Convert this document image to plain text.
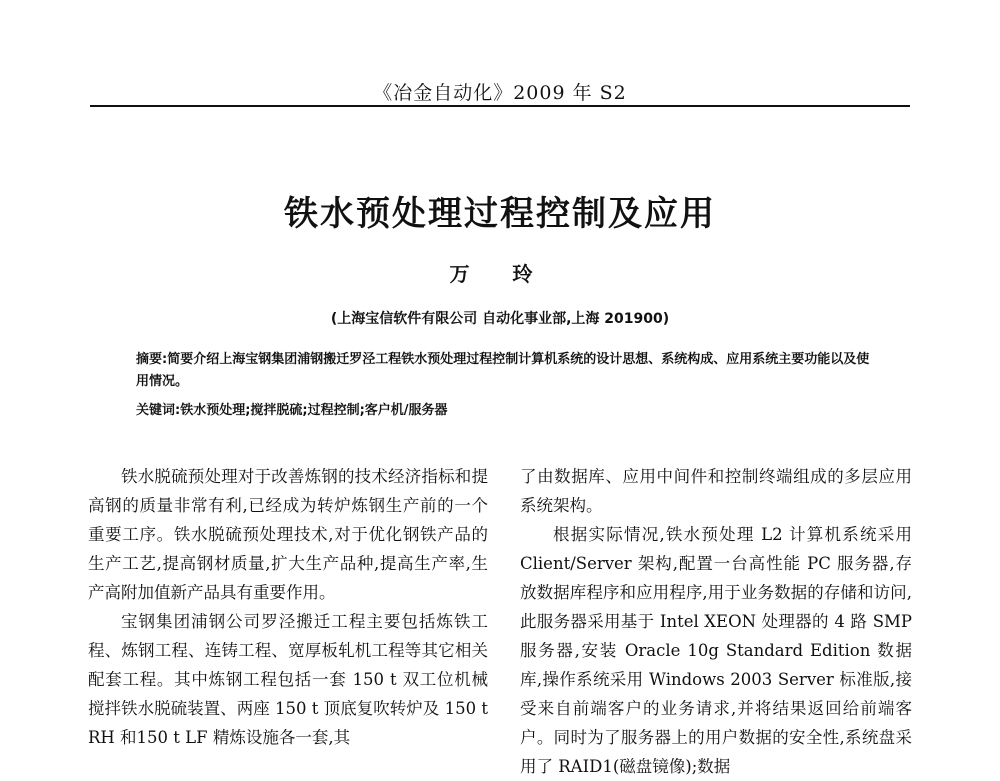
《冶金自动化》2009 年 S2
铁水预处理过程控制及应用
万 玲
(上海宝信软件有限公司 自动化事业部,上海 201900)
摘要:简要介绍上海宝钢集团浦钢搬迁罗泾工程铁水预处理过程控制计算机系统的设计思想、系统构成、应用系统主要功能以及使用情况。
关键词:铁水预处理;搅拌脱硫;过程控制;客户机/服务器

铁水脱硫预处理对于改善炼钢的技术经济指标和提高钢的质量非常有利,已经成为转炉炼钢生产前的一个重要工序。铁水脱硫预处理技术,对于优化钢铁产品的生产工艺,提高钢材质量,扩大生产品种,提高生产率,生产高附加值新产品具有重要作用。

宝钢集团浦钢公司罗泾搬迁工程主要包括炼铁工程、炼钢工程、连铸工程、宽厚板轧机工程等其它相关配套工程。其中炼钢工程包括一套 150 t 双工位机械搅拌铁水脱硫装置、两座 150 t 顶底复吹转炉及 150 t RH 和150 t LF 精炼设施各一套,其

了由数据库、应用中间件和控制终端组成的多层应用系统架构。

根据实际情况,铁水预处理 L2 计算机系统采用 Client/Server 架构,配置一台高性能 PC 服务器,存放数据库程序和应用程序,用于业务数据的存储和访问,此服务器采用基于 Intel XEON 处理器的 4 路 SMP 服务器,安装 Oracle 10g Standard Edition 数据库,操作系统采用 Windows 2003 Server 标准版,接受来自前端客户的业务请求,并将结果返回给前端客户。同时为了服务器上的用户数据的安全性,系统盘采用了 RAID1(磁盘镜像);数据
